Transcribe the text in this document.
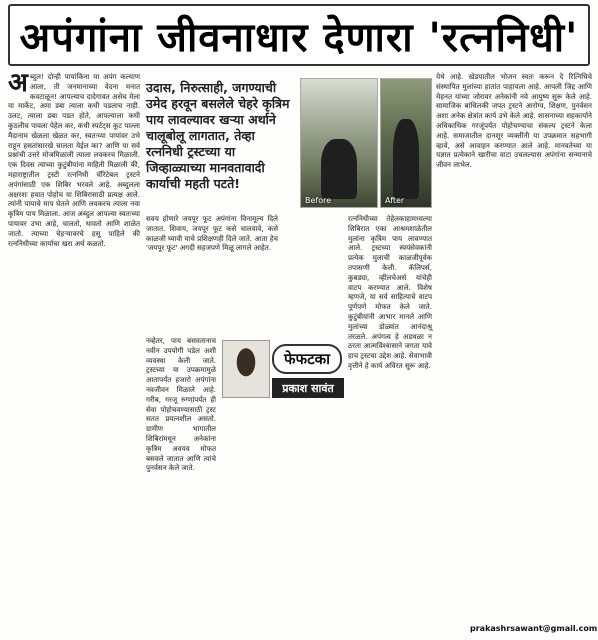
अपंगांना जीवनाधार देणारा 'रत्ननिधी'
अब्दुल! दोन्ही पायांकिना या अपंग कल्याण आला, ती जनमानाच्या वेदना मनात कवटाळून! आपल्याच दादेगावत असेच मेला या मार्केट, अमा डबा त्याला कधी पडलाच नाही. उलट, त्याला डबा पडत होते, आपल्याला कधी कुठलीच पावला पेहेल कर, कधी स्पर्टट्स कूट पाल्ला मैदानाम खेळला खेळत कर, स्वतःच्या पायांवर उभे राहून हसतांसारखे चालता येईल का? आणि या सर्व प्रश्नांची उत्तरे मोजमिळाली त्याला लवकरच मिळाली. एक दिवस त्याच्या कुटुंबीयांना माहिती मिळाली की, महाराष्ट्रातील ट्रस्टी रत्ननिधी चॅरिटेबल ट्रस्टने अपंगांसाठी एक शिबिर भरवले आहे. अब्दुलला अक्षरशः हवात पोहोच या शिबिरासाठी प्रत्यक्ष आले. त्यांनी पायाचे माप घेतले आणि लवकरच त्याला नवा कृत्रिम पाय मिळाला. आज अब्दुल आपल्या स्वतःच्या पायावर उभा आहे, चालतो, धावतो आणि शाळेत जातो. त्याच्या चेहऱ्यावरचे हसू पाहिले की रत्ननिधीच्या कार्याचा खरा अर्थ कळतो.
उदास, निरुत्साही, जगण्याची उमेद हरवून बसलेले चेहरे कृत्रिम पाय लावल्यावर खऱ्या अर्थाने चालूबोलू लागतात, तेव्हा रत्ननिधी ट्रस्टच्या या जिव्हाळ्याच्या मानवतावादी कार्याची महती पटते!
Before	After
सवय होणारे जयपूर फूट अपंगांना विनामूल्य दिले जातात. शिवाय, जयपूर फूट कसे चालवावे, कसे काळजी घ्यावी याचे प्रशिक्षणही दिले जाते. आता हेच 'जयपूर फूट' अगदी सहजपणे मिळू लागले आहेत.
नव्हेतर, पाय बसवतानाच नवीन उपयोगी पडेल अशी व्यवस्था केली जाते. ट्रस्टच्या या उपक्रमामुळे आतापर्यंत हजारो अपंगांना नवजीवन मिळाले आहे. गरीब, गरजू रुग्णांपर्यंत ही सेवा पोहोचवण्यासाठी ट्रस्ट सतत प्रयत्नशील असतो. ग्रामीण भागातील शिबिरांमधून अनेकांना कृत्रिम अवयव मोफत बसवले जातात आणि त्यांचे पुनर्वसन केले जाते.
फेफटका
प्रकाश सावंत
रत्ननिधीच्या तेहेलकाहामध्यल्या शिबिरात एका आश्रमशाळेतील मुलांना कृत्रिम पाय लावण्यात आले. ट्रस्टच्या स्वयंसेवकांनी प्रत्येक मुलाची काळजीपूर्वक तपासणी केली. कॅलिपर्स, कुबड्या, व्हीलचेअर्स यांचेही वाटप करण्यात आले. विशेष म्हणजे, या सर्व साहित्याचे वाटप पूर्णपणे मोफत केले जाते. कुटुंबीयांनी आभार मानले आणि मुलांच्या डोळ्यांत आनंदाश्रू तरळले. अपंगत्व हे अडथळा न ठरता आत्मविश्वासाने जगता यावे हाच ट्रस्टचा उद्देश आहे. सेवाभावी वृत्तीने हे कार्य अविरत सुरू आहे.
येथे आहे. खेडयातील भोजन स्वतः करून दे रित्निधिचे संस्थापित मुलांच्या हातांत पाहायला आहे. आपली जिद्द आणि मेहनत यांच्या जोरावर अनेकांनी नवे आयुष्य सुरू केले आहे. सामाजिक बांधिलकी जपत ट्रस्टने आरोग्य, शिक्षण, पुनर्वसन अशा अनेक क्षेत्रांत कार्य उभे केले आहे. शासनाच्या सहकार्याने अधिकाधिक गरजूंपर्यंत पोहोचण्याचा संकल्प ट्रस्टने केला आहे. समाजातील दानशूर व्यक्तींनी या उपक्रमात सहभागी व्हावे, असे आवाहन करण्यात आले आहे. मानवतेच्या या यज्ञात प्रत्येकाने खारीचा वाटा उचलल्यास अपंगांना सन्मानाचे जीवन लाभेल.
prakashrsawant@gmail.com
